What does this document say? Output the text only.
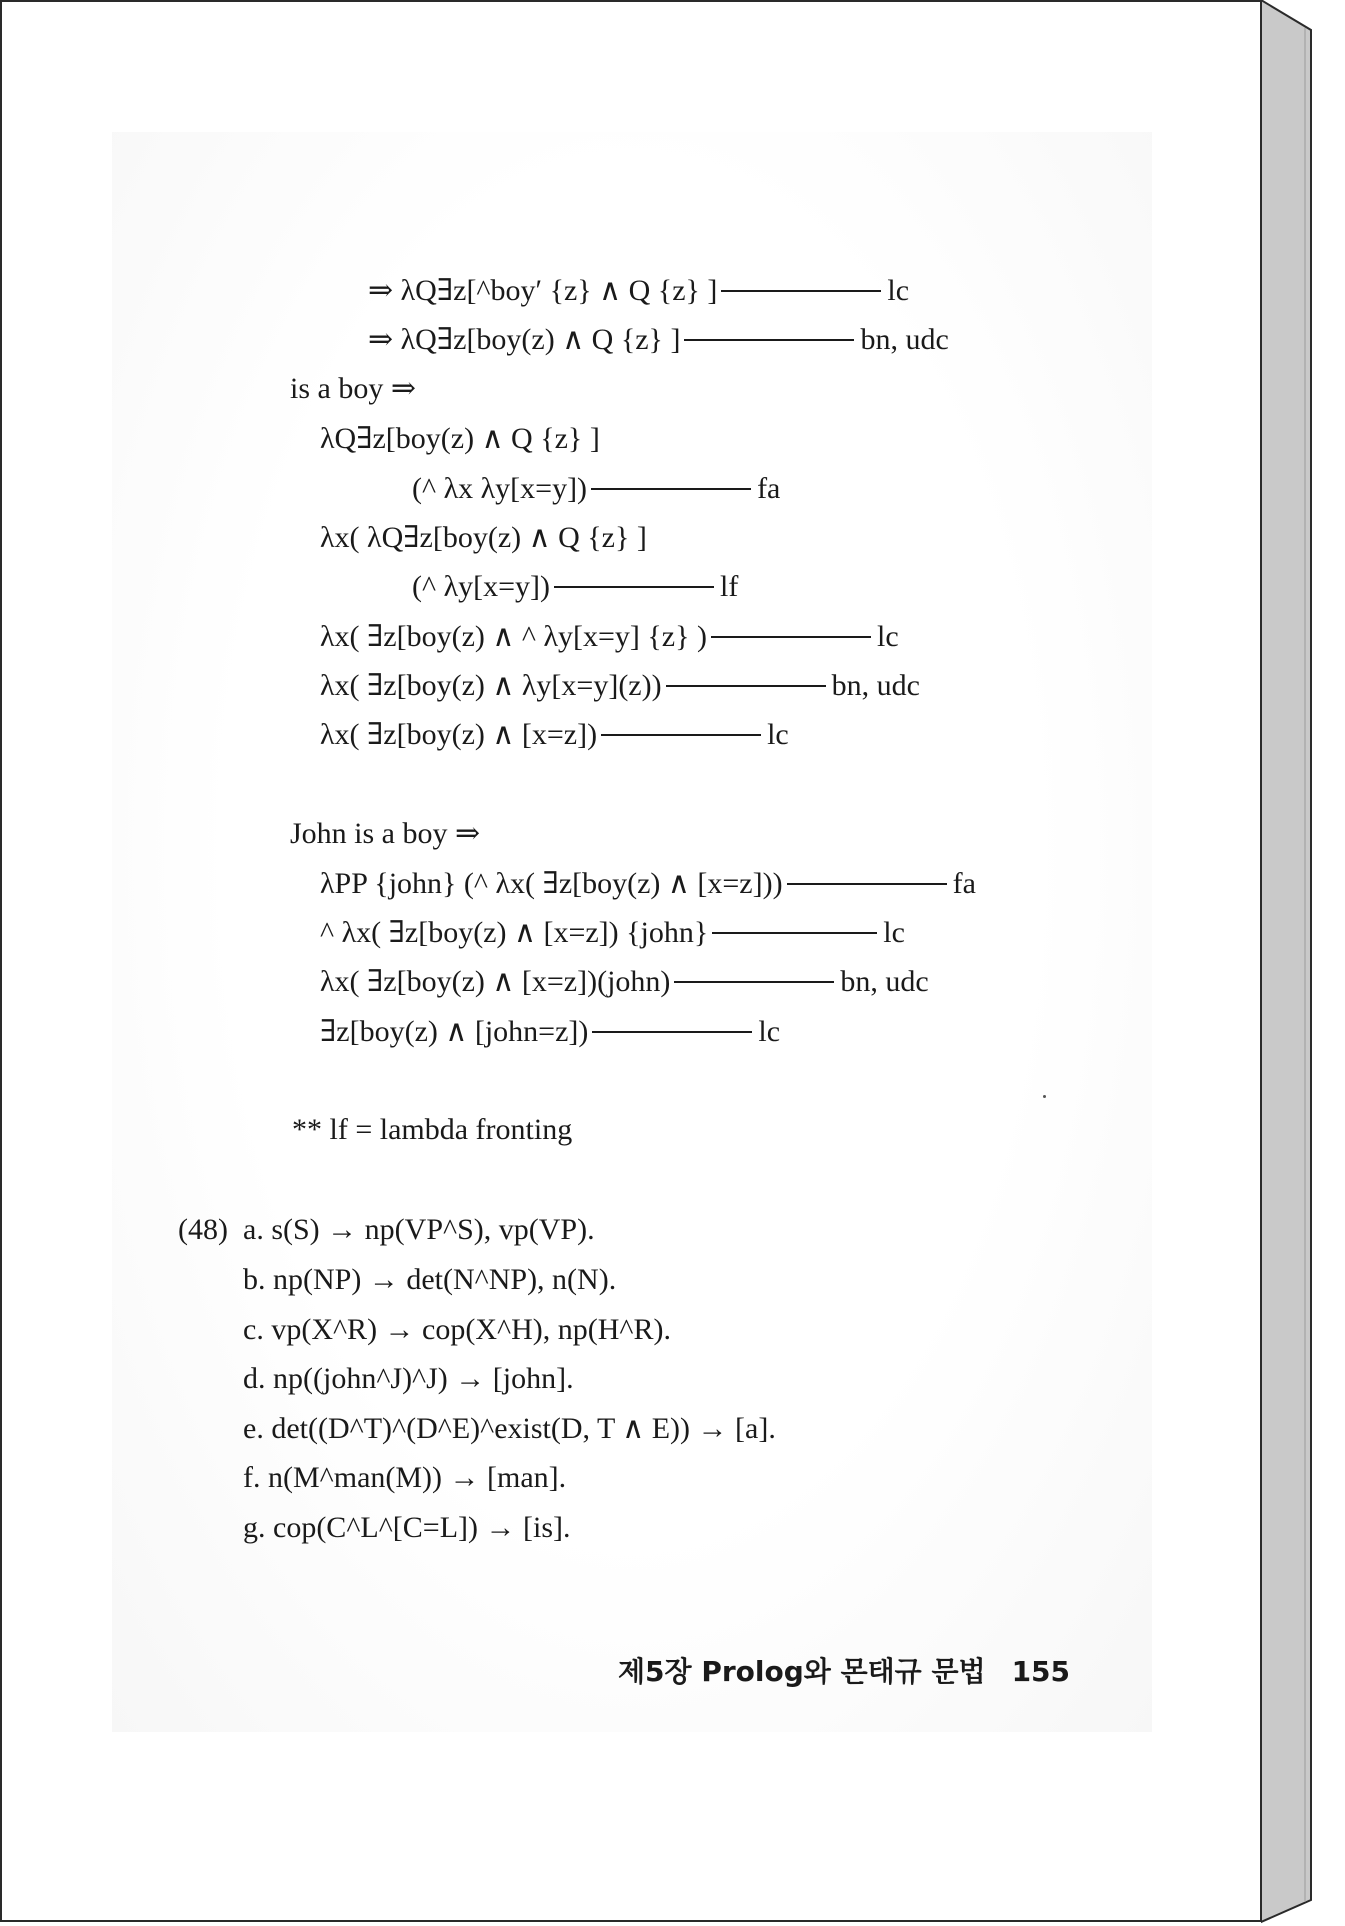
⇒ λQ∃z[^boy′ {z} ∧ Q {z} ]	lc
⇒ λQ∃z[boy(z) ∧ Q {z} ]	bn, udc
is a boy ⇒
λQ∃z[boy(z) ∧ Q {z} ]
(^ λx λy[x=y])	fa
λx( λQ∃z[boy(z) ∧ Q {z} ]
(^ λy[x=y])	lf
λx( ∃z[boy(z) ∧ ^ λy[x=y] {z} )	lc
λx( ∃z[boy(z) ∧ λy[x=y](z))	bn, udc
λx( ∃z[boy(z) ∧ [x=z])	lc
John is a boy ⇒
λPP {john} (^ λx( ∃z[boy(z) ∧ [x=z]))	fa
^ λx( ∃z[boy(z) ∧ [x=z]) {john}	lc
λx( ∃z[boy(z) ∧ [x=z])(john)	bn, udc
∃z[boy(z) ∧ [john=z])	lc
** lf = lambda fronting
(48) a. s(S) → np(VP^S), vp(VP).
b. np(NP) → det(N^NP), n(N).
c. vp(X^R) → cop(X^H), np(H^R).
d. np((john^J)^J) → [john].
e. det((D^T)^(D^E)^exist(D, T ∧ E)) → [a].
f. n(M^man(M)) → [man].
g. cop(C^L^[C=L]) → [is].
제5장 Prolog와 몬태규 문법 155
